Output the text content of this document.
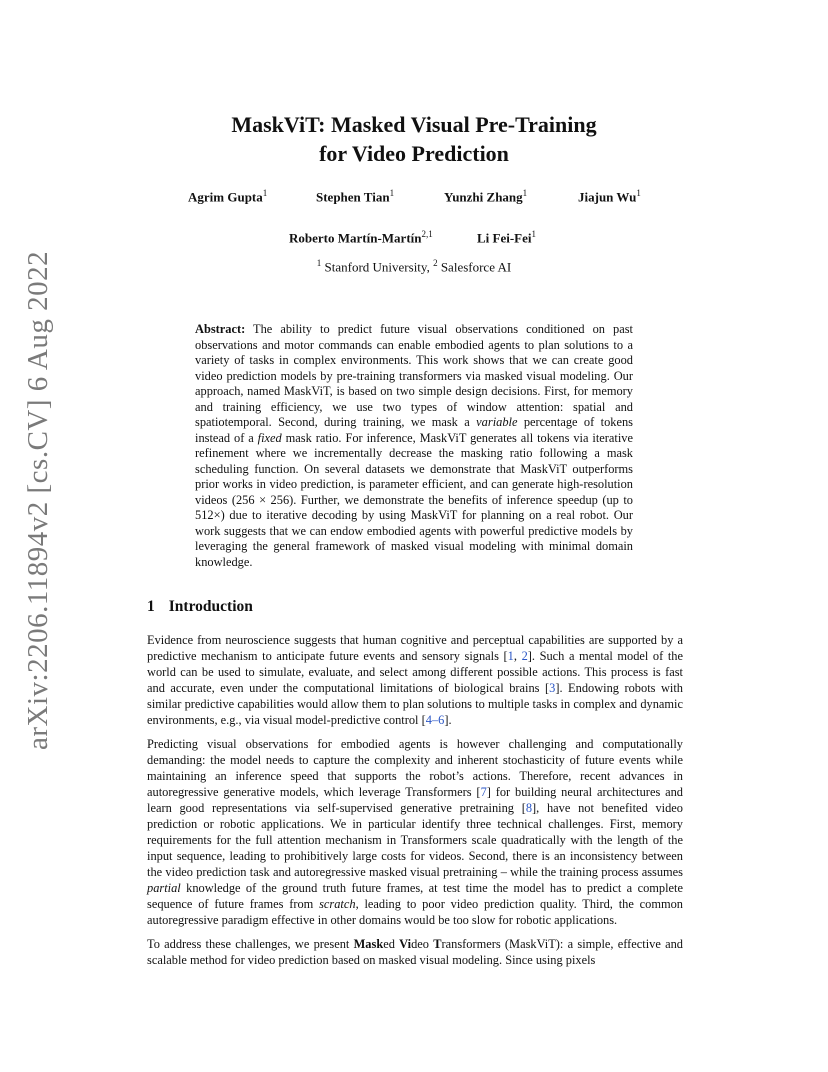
arXiv:2206.11894v2 [cs.CV] 6 Aug 2022
MaskViT: Masked Visual Pre-Training
for Video Prediction
Agrim Gupta$^1$	Stephen Tian$^1$	Yunzhi Zhang$^1$	Jiajun Wu$^1$
Roberto Martín-Martín$^{2,1}$	Li Fei-Fei$^1$
$^1$ Stanford University, $^2$ Salesforce AI
Abstract: The ability to predict future visual observations conditioned on past observations and motor commands can enable embodied agents to plan solutions to a variety of tasks in complex environments. This work shows that we can create good video prediction models by pre-training transformers via masked visual modeling. Our approach, named MaskViT, is based on two simple design decisions. First, for memory and training efficiency, we use two types of window attention: spatial and spatiotemporal. Second, during training, we mask a variable percentage of tokens instead of a fixed mask ratio. For inference, MaskViT generates all tokens via iterative refinement where we incrementally decrease the masking ratio following a mask scheduling function. On several datasets we demonstrate that MaskViT outperforms prior works in video prediction, is parameter efficient, and can generate high-resolution videos (256 × 256). Further, we demonstrate the benefits of inference speedup (up to 512×) due to iterative decoding by using MaskViT for planning on a real robot. Our work suggests that we can endow embodied agents with powerful predictive models by leveraging the general framework of masked visual modeling with minimal domain knowledge.
1 Introduction

Evidence from neuroscience suggests that human cognitive and perceptual capabilities are supported by a predictive mechanism to anticipate future events and sensory signals [1, 2]. Such a mental model of the world can be used to simulate, evaluate, and select among different possible actions. This process is fast and accurate, even under the computational limitations of biological brains [3]. Endowing robots with similar predictive capabilities would allow them to plan solutions to multiple tasks in complex and dynamic environments, e.g., via visual model-predictive control [4–6].

Predicting visual observations for embodied agents is however challenging and computationally demanding: the model needs to capture the complexity and inherent stochasticity of future events while maintaining an inference speed that supports the robot’s actions. Therefore, recent advances in autoregressive generative models, which leverage Transformers [7] for building neural architectures and learn good representations via self-supervised generative pretraining [8], have not benefited video prediction or robotic applications. We in particular identify three technical challenges. First, memory requirements for the full attention mechanism in Transformers scale quadratically with the length of the input sequence, leading to prohibitively large costs for videos. Second, there is an inconsistency between the video prediction task and autoregressive masked visual pretraining – while the training process assumes partial knowledge of the ground truth future frames, at test time the model has to predict a complete sequence of future frames from scratch, leading to poor video prediction quality. Third, the common autoregressive paradigm effective in other domains would be too slow for robotic applications.

To address these challenges, we present Masked Video Transformers (MaskViT): a simple, effective and scalable method for video prediction based on masked visual modeling. Since using pixels
